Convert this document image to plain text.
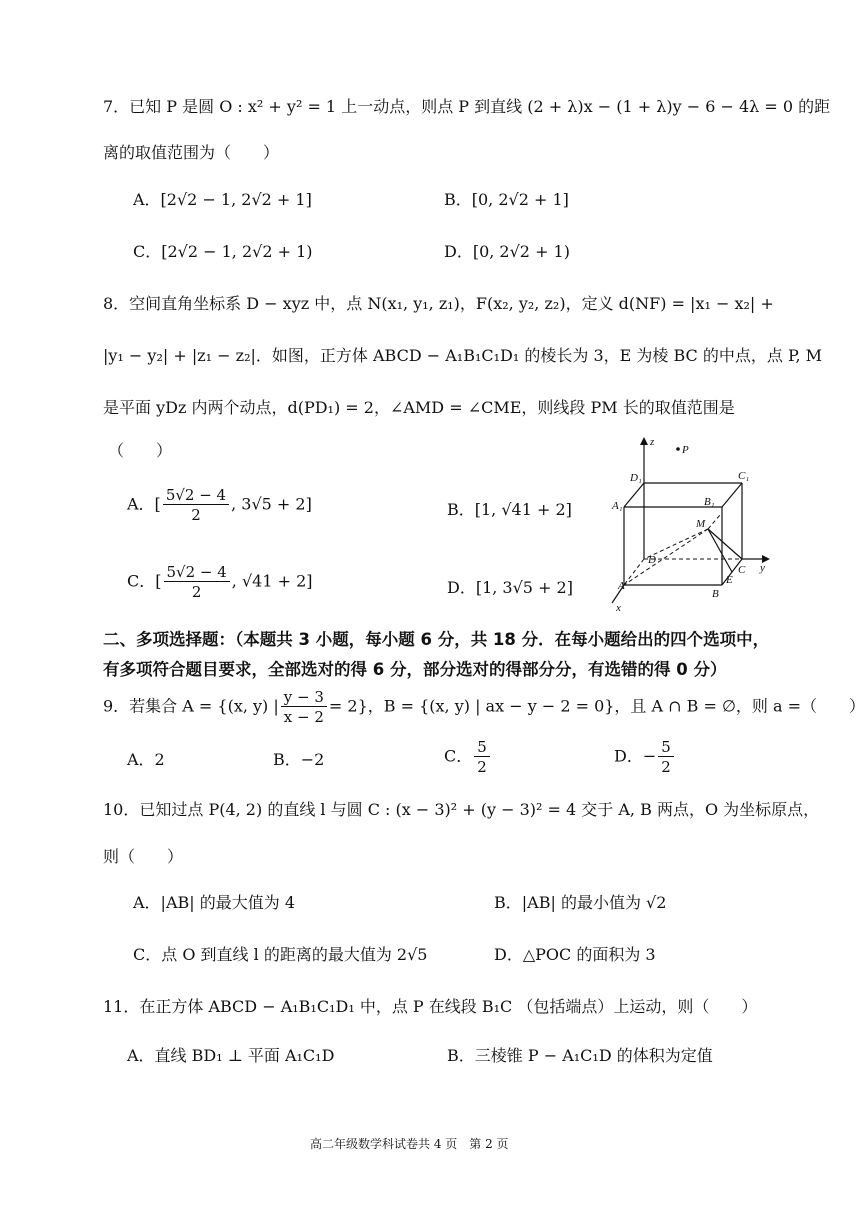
7．已知 P 是圆 O : x² + y² = 1 上一动点，则点 P 到直线 (2 + λ)x − (1 + λ)y − 6 − 4λ = 0 的距
离的取值范围为（　　）
A．[2√2 − 1, 2√2 + 1]	B．[0, 2√2 + 1]
C．[2√2 − 1, 2√2 + 1)	D．[0, 2√2 + 1)
8．空间直角坐标系 D − xyz 中，点 N(x₁, y₁, z₁)，F(x₂, y₂, z₂)，定义 d(NF) = |x₁ − x₂| +
|y₁ − y₂| + |z₁ − z₂|．如图，正方体 ABCD − A₁B₁C₁D₁ 的棱长为 3，E 为棱 BC 的中点，点 P, M
是平面 yDz 内两个动点，d(PD₁) = 2，∠AMD = ∠CME，则线段 PM 长的取值范围是
（　　）
A．[ $\frac{5√2 - 4}{2}$ , 3√5 + 2]	B．[1, √41 + 2]
C．[ $\frac{5√2 - 4}{2}$ , √41 + 2]	D．[1, 3√5 + 2]
z
P
D₁	C₁
A₁	B₁
M
D
C
E
A
B
y
x
二、多项选择题：（本题共 3 小题，每小题 6 分，共 18 分．在每小题给出的四个选项中，
有多项符合题目要求，全部选对的得 6 分，部分选对的得部分分，有选错的得 0 分）
9．若集合 A = {(x, y) | $\frac{y - 3}{x - 2} = 2$}，B = {(x, y) | ax − y − 2 = 0}，且 A ∩ B = ∅，则 a =（　　）
A．2	B．−2	C． $\frac{5}{2}$	D．− $\frac{5}{2}$
10．已知过点 P(4, 2) 的直线 l 与圆 C : (x − 3)² + (y − 3)² = 4 交于 A, B 两点，O 为坐标原点，
则（　　）
A．|AB| 的最大值为 4	B．|AB| 的最小值为 √2
C．点 O 到直线 l 的距离的最大值为 2√5	D．△POC 的面积为 3
11．在正方体 ABCD − A₁B₁C₁D₁ 中，点 P 在线段 B₁C （包括端点）上运动，则（　　）
A．直线 BD₁ ⊥ 平面 A₁C₁D	B．三棱锥 P − A₁C₁D 的体积为定值
高二年级数学科试卷共 4 页　第 2 页
